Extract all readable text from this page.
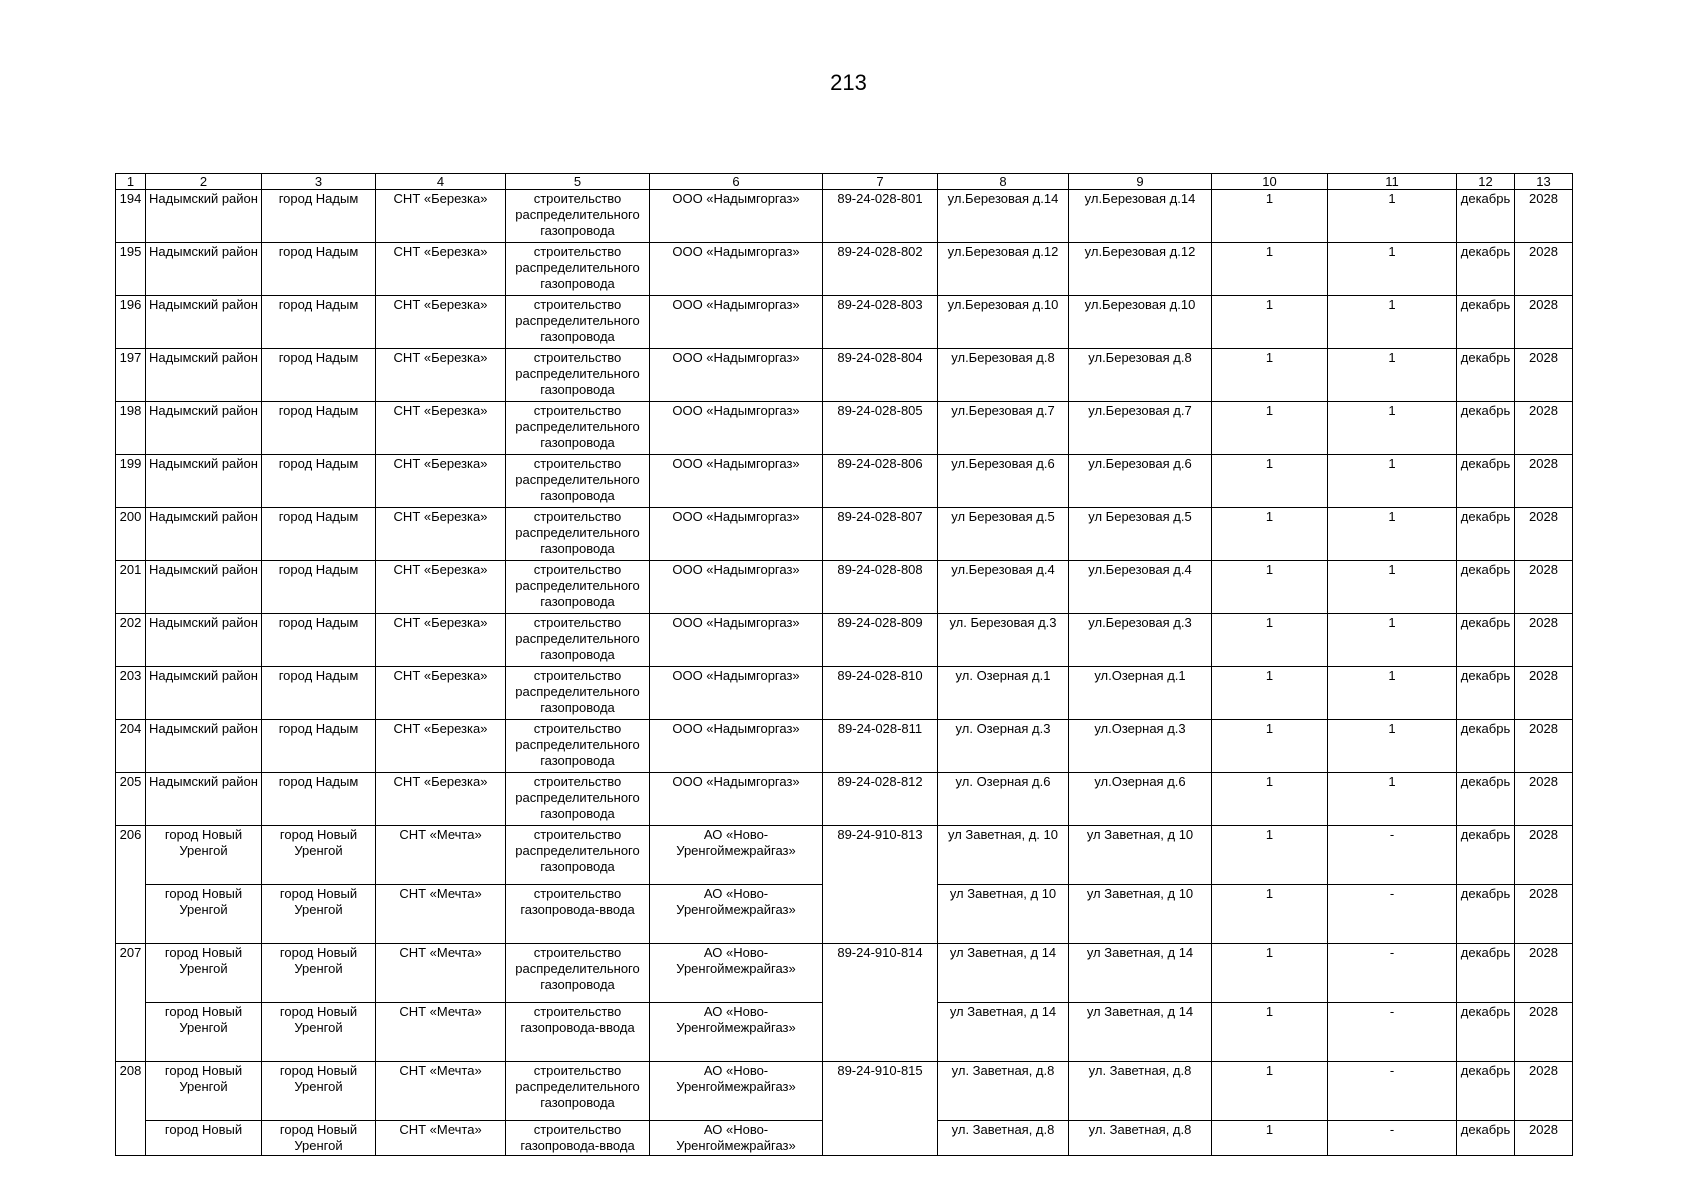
213
1	2	3	4	5	6	7	8	9	10	11	12	13
194	Надымский район	город Надым	СНТ «Березка»	строительство распределительного газопровода	ООО «Надымгоргаз»	89-24-028-801	ул.Березовая д.14	ул.Березовая д.14	1	1	декабрь	2028
195	Надымский район	город Надым	СНТ «Березка»	строительство распределительного газопровода	ООО «Надымгоргаз»	89-24-028-802	ул.Березовая д.12	ул.Березовая д.12	1	1	декабрь	2028
196	Надымский район	город Надым	СНТ «Березка»	строительство распределительного газопровода	ООО «Надымгоргаз»	89-24-028-803	ул.Березовая д.10	ул.Березовая д.10	1	1	декабрь	2028
197	Надымский район	город Надым	СНТ «Березка»	строительство распределительного газопровода	ООО «Надымгоргаз»	89-24-028-804	ул.Березовая д.8	ул.Березовая д.8	1	1	декабрь	2028
198	Надымский район	город Надым	СНТ «Березка»	строительство распределительного газопровода	ООО «Надымгоргаз»	89-24-028-805	ул.Березовая д.7	ул.Березовая д.7	1	1	декабрь	2028
199	Надымский район	город Надым	СНТ «Березка»	строительство распределительного газопровода	ООО «Надымгоргаз»	89-24-028-806	ул.Березовая д.6	ул.Березовая д.6	1	1	декабрь	2028
200	Надымский район	город Надым	СНТ «Березка»	строительство распределительного газопровода	ООО «Надымгоргаз»	89-24-028-807	ул Березовая д.5	ул Березовая д.5	1	1	декабрь	2028
201	Надымский район	город Надым	СНТ «Березка»	строительство распределительного газопровода	ООО «Надымгоргаз»	89-24-028-808	ул.Березовая д.4	ул.Березовая д.4	1	1	декабрь	2028
202	Надымский район	город Надым	СНТ «Березка»	строительство распределительного газопровода	ООО «Надымгоргаз»	89-24-028-809	ул. Березовая д.3	ул.Березовая д.3	1	1	декабрь	2028
203	Надымский район	город Надым	СНТ «Березка»	строительство распределительного газопровода	ООО «Надымгоргаз»	89-24-028-810	ул. Озерная д.1	ул.Озерная д.1	1	1	декабрь	2028
204	Надымский район	город Надым	СНТ «Березка»	строительство распределительного газопровода	ООО «Надымгоргаз»	89-24-028-811	ул. Озерная д.3	ул.Озерная д.3	1	1	декабрь	2028
205	Надымский район	город Надым	СНТ «Березка»	строительство распределительного газопровода	ООО «Надымгоргаз»	89-24-028-812	ул. Озерная д.6	ул.Озерная д.6	1	1	декабрь	2028
206	город Новый Уренгой	город Новый Уренгой	СНТ «Мечта»	строительство распределительного газопровода	АО «Ново-Уренгоймежрайгаз»	89-24-910-813	ул Заветная, д. 10	ул Заветная, д 10	1	-	декабрь	2028
	город Новый Уренгой	город Новый Уренгой	СНТ «Мечта»	строительство газопровода-ввода	АО «Ново-Уренгоймежрайгаз»		ул Заветная, д 10	ул Заветная, д 10	1	-	декабрь	2028
207	город Новый Уренгой	город Новый Уренгой	СНТ «Мечта»	строительство распределительного газопровода	АО «Ново-Уренгоймежрайгаз»	89-24-910-814	ул Заветная, д 14	ул Заветная, д 14	1	-	декабрь	2028
	город Новый Уренгой	город Новый Уренгой	СНТ «Мечта»	строительство газопровода-ввода	АО «Ново-Уренгоймежрайгаз»		ул Заветная, д 14	ул Заветная, д 14	1	-	декабрь	2028
208	город Новый Уренгой	город Новый Уренгой	СНТ «Мечта»	строительство распределительного газопровода	АО «Ново-Уренгоймежрайгаз»	89-24-910-815	ул. Заветная, д.8	ул. Заветная, д.8	1	-	декабрь	2028
	город Новый	город Новый Уренгой	СНТ «Мечта»	строительство газопровода-ввода	АО «Ново-Уренгоймежрайгаз»		ул. Заветная, д.8	ул. Заветная, д.8	1	-	декабрь	2028
